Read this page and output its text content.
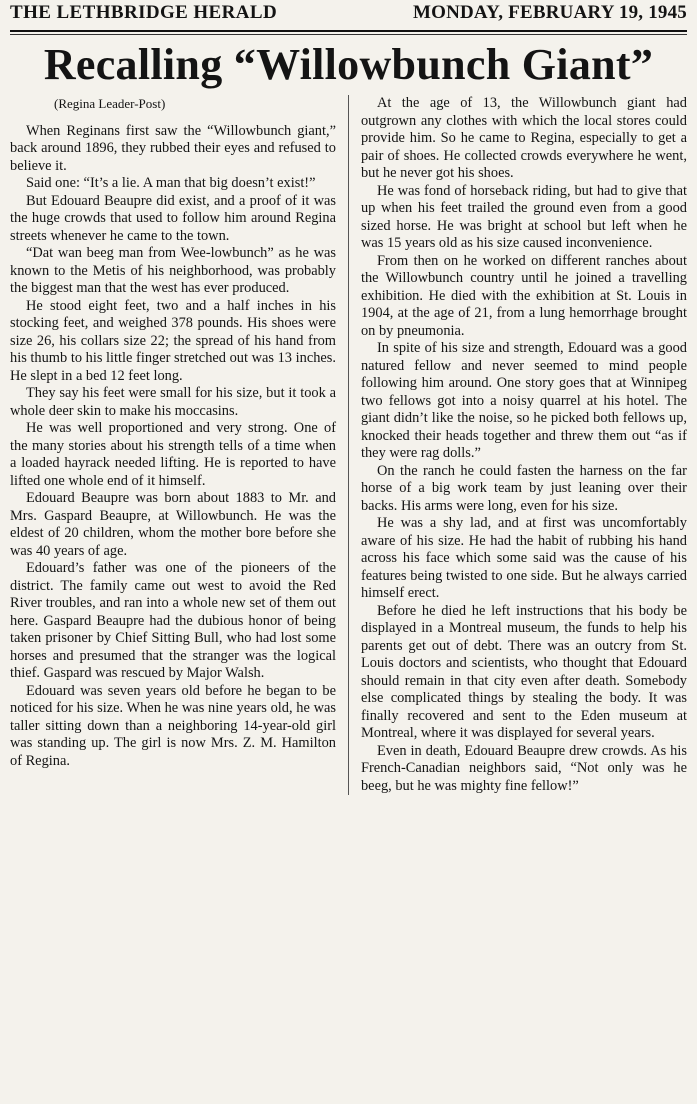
THE LETHBRIDGE HERALD	MONDAY, FEBRUARY 19, 1945
Recalling “Willowbunch Giant”
(Regina Leader-Post)

When Reginans first saw the “Willowbunch giant,” back around 1896, they rubbed their eyes and refused to believe it.

Said one: “It’s a lie. A man that big doesn’t exist!”

But Edouard Beaupre did exist, and a proof of it was the huge crowds that used to follow him around Regina streets whenever he came to the town.

“Dat wan beeg man from Wee-lowbunch” as he was known to the Metis of his neighborhood, was probably the biggest man that the west has ever produced.

He stood eight feet, two and a half inches in his stocking feet, and weighed 378 pounds. His shoes were size 26, his collars size 22; the spread of his hand from his thumb to his little finger stretched out was 13 inches. He slept in a bed 12 feet long.

They say his feet were small for his size, but it took a whole deer skin to make his moccasins.

He was well proportioned and very strong. One of the many stories about his strength tells of a time when a loaded hayrack needed lifting. He is reported to have lifted one whole end of it himself.

Edouard Beaupre was born about 1883 to Mr. and Mrs. Gaspard Beaupre, at Willowbunch. He was the eldest of 20 children, whom the mother bore before she was 40 years of age.

Edouard’s father was one of the pioneers of the district. The family came out west to avoid the Red River troubles, and ran into a whole new set of them out here. Gaspard Beaupre had the dubious honor of being taken prisoner by Chief Sitting Bull, who had lost some horses and presumed that the stranger was the logical thief. Gaspard was rescued by Major Walsh.

Edouard was seven years old before he began to be noticed for his size. When he was nine years old, he was taller sitting down than a neighboring 14-year-old girl was standing up. The girl is now Mrs. Z. M. Hamilton of Regina.

At the age of 13, the Willowbunch giant had outgrown any clothes with which the local stores could provide him. So he came to Regina, especially to get a pair of shoes. He collected crowds everywhere he went, but he never got his shoes.

He was fond of horseback riding, but had to give that up when his feet trailed the ground even from a good sized horse. He was bright at school but left when he was 15 years old as his size caused inconvenience.

From then on he worked on different ranches about the Willowbunch country until he joined a travelling exhibition. He died with the exhibition at St. Louis in 1904, at the age of 21, from a lung hemorrhage brought on by pneumonia.

In spite of his size and strength, Edouard was a good natured fellow and never seemed to mind people following him around. One story goes that at Winnipeg two fellows got into a noisy quarrel at his hotel. The giant didn’t like the noise, so he picked both fellows up, knocked their heads together and threw them out “as if they were rag dolls.”

On the ranch he could fasten the harness on the far horse of a big work team by just leaning over their backs. His arms were long, even for his size.

He was a shy lad, and at first was uncomfortably aware of his size. He had the habit of rubbing his hand across his face which some said was the cause of his features being twisted to one side. But he always carried himself erect.

Before he died he left instructions that his body be displayed in a Montreal museum, the funds to help his parents get out of debt. There was an outcry from St. Louis doctors and scientists, who thought that Edouard should remain in that city even after death. Somebody else complicated things by stealing the body. It was finally recovered and sent to the Eden museum at Montreal, where it was displayed for several years.

Even in death, Edouard Beaupre drew crowds. As his French-Canadian neighbors said, “Not only was he beeg, but he was mighty fine fellow!”
